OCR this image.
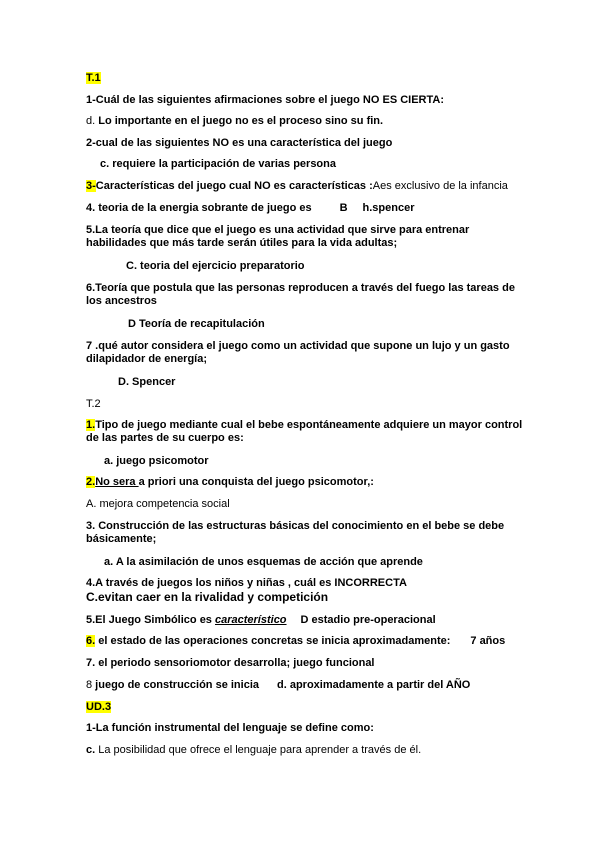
T.1
1-Cuál de las siguientes afirmaciones sobre el juego NO ES CIERTA:
d. Lo importante en el juego no es el proceso sino su fin.
2-cual de las siguientes NO es una característica del juego
c. requiere la participación de varias persona
3-Características del juego cual NO es características :Aes exclusivo de la infancia
4. teoria de la energia sobrante de juego es	B h.spencer
5.La teoría que dice que el juego es una actividad que sirve para entrenar habilidades que más tarde serán útiles para la vida adultas;
C. teoria del ejercicio preparatorio
6.Teoría que postula que las personas reproducen a través del fuego las tareas de los ancestros
D Teoría de recapitulación
7 .qué autor considera el juego como un actividad que supone un lujo y un gasto dilapidador de energía;
D. Spencer
T.2
1.Tipo de juego mediante cual el bebe espontáneamente adquiere un mayor control de las partes de su cuerpo es:
a. juego psicomotor
2.No sera a priori una conquista del juego psicomotor,:
A. mejora competencia social
3. Construcción de las estructuras básicas del conocimiento en el bebe se debe básicamente;
a. A la asimilación de unos esquemas de acción que aprende
4.A través de juegos los niños y niñas , cuál es INCORRECTA
C.evitan caer en la rivalidad y competición
5.El Juego Simbólico es característico D estadio pre-operacional
6. el estado de las operaciones concretas se inicia aproximadamente: 7 años
7. el periodo sensoriomotor desarrolla; juego funcional
8 juego de construcción se inicia d. aproximadamente a partir del AÑO
UD.3
1-La función instrumental del lenguaje se define como:
c. La posibilidad que ofrece el lenguaje para aprender a través de él.
